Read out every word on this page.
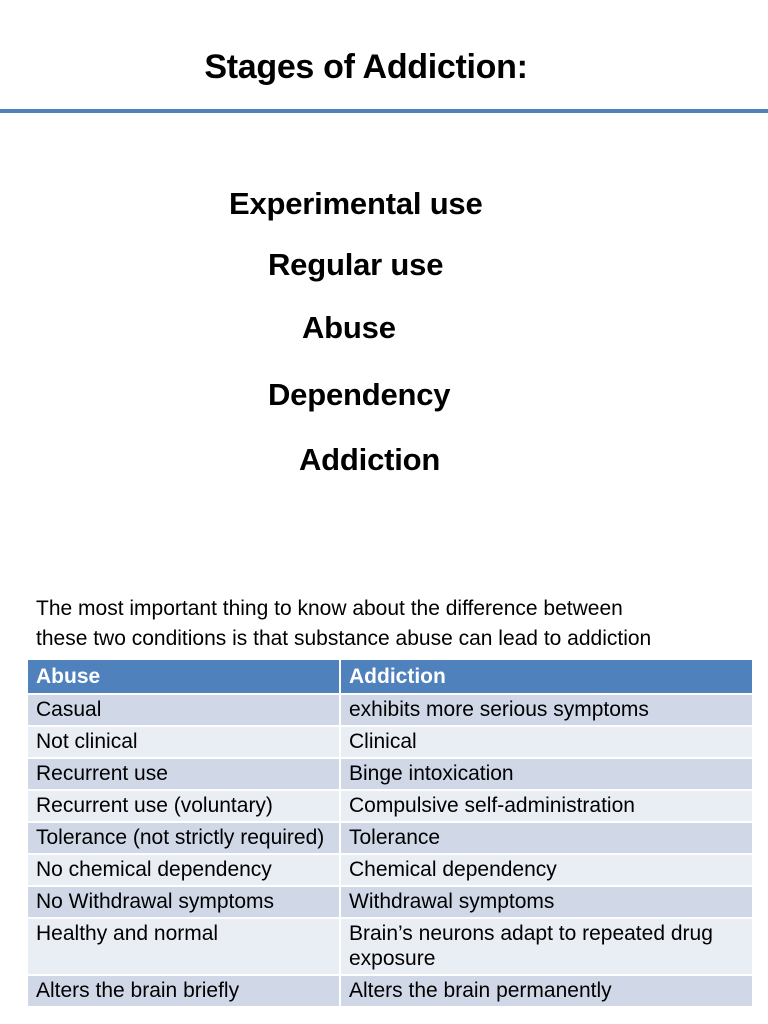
Stages of Addiction:
Experimental use
Regular use
Abuse
Dependency
Addiction
The most important thing to know about the difference between
these two conditions is that substance abuse can lead to addiction
Abuse	Addiction
Casual	exhibits more serious symptoms
Not clinical	Clinical
Recurrent use	Binge intoxication
Recurrent use (voluntary)	Compulsive self-administration
Tolerance (not strictly required)	Tolerance
No chemical dependency	Chemical dependency
No Withdrawal symptoms	Withdrawal symptoms
Healthy and normal	Brain’s neurons adapt to repeated drug exposure
Alters the brain briefly	Alters the brain permanently
